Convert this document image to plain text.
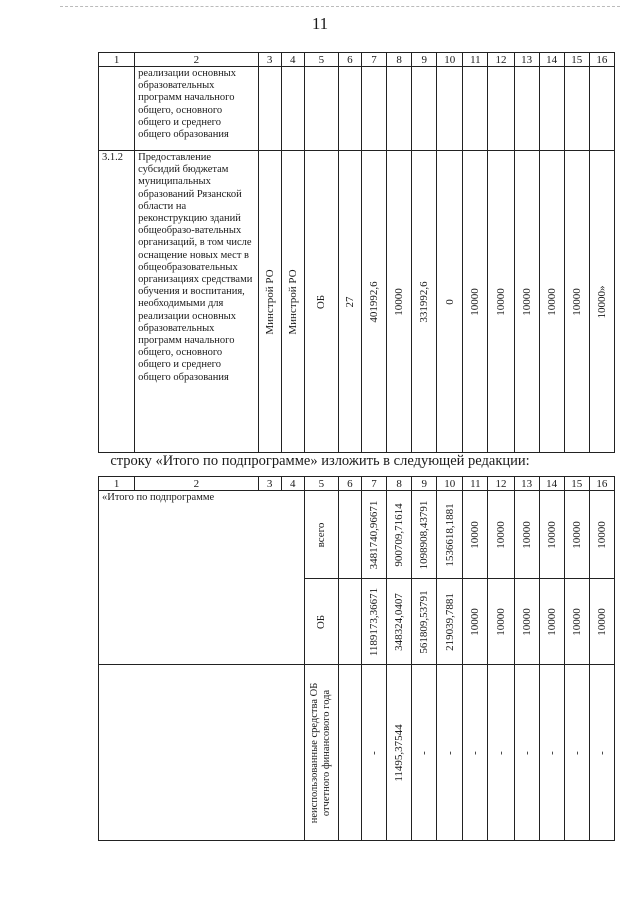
11
1	2	3	4	5	6	7	8	9	10	11	12	13	14	15	16
	реализации основных образовательных программ начального общего, основного общего и среднего общего образования														
3.1.2	Предоставление субсидий бюджетам муниципальных образований Рязанской области на реконструкцию зданий общеобразо-вательных организаций, в том числе оснащение новых мест в общеобразовательных организациях средствами обучения и воспитания, необходимыми для реализации основных образовательных программ начального общего, основного общего и среднего общего образования	Минстрой РО	Минстрой РО	ОБ	27	401992,6	10000	331992,6	0	10000	10000	10000	10000	10000	10000»
строку «Итого по подпрограмме» изложить в следующей редакции:
1	2	3	4	5	6	7	8	9	10	11	12	13	14	15	16
«Итого по подпрограмме				всего		3481740,96671	900709,71614	1098908,43791	1536618,1881	10000	10000	10000	10000	10000	10000

				ОБ		1189173,36671	348324,0407	561809,53791	219039,7881	10000	10000	10000	10000	10000	10000

				неиспользованные средства ОБ отчетного финансового года		-	11495,37544	-	-	-	-	-	-	-	-
